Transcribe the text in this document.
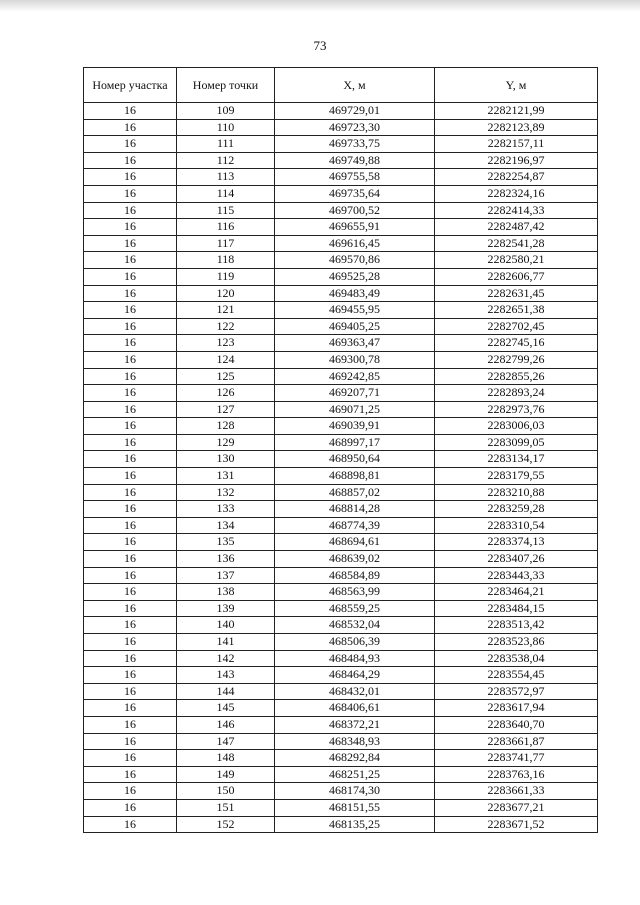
73
Номер участка	Номер точки	X, м	Y, м
16	109	469729,01	2282121,99
16	110	469723,30	2282123,89
16	111	469733,75	2282157,11
16	112	469749,88	2282196,97
16	113	469755,58	2282254,87
16	114	469735,64	2282324,16
16	115	469700,52	2282414,33
16	116	469655,91	2282487,42
16	117	469616,45	2282541,28
16	118	469570,86	2282580,21
16	119	469525,28	2282606,77
16	120	469483,49	2282631,45
16	121	469455,95	2282651,38
16	122	469405,25	2282702,45
16	123	469363,47	2282745,16
16	124	469300,78	2282799,26
16	125	469242,85	2282855,26
16	126	469207,71	2282893,24
16	127	469071,25	2282973,76
16	128	469039,91	2283006,03
16	129	468997,17	2283099,05
16	130	468950,64	2283134,17
16	131	468898,81	2283179,55
16	132	468857,02	2283210,88
16	133	468814,28	2283259,28
16	134	468774,39	2283310,54
16	135	468694,61	2283374,13
16	136	468639,02	2283407,26
16	137	468584,89	2283443,33
16	138	468563,99	2283464,21
16	139	468559,25	2283484,15
16	140	468532,04	2283513,42
16	141	468506,39	2283523,86
16	142	468484,93	2283538,04
16	143	468464,29	2283554,45
16	144	468432,01	2283572,97
16	145	468406,61	2283617,94
16	146	468372,21	2283640,70
16	147	468348,93	2283661,87
16	148	468292,84	2283741,77
16	149	468251,25	2283763,16
16	150	468174,30	2283661,33
16	151	468151,55	2283677,21
16	152	468135,25	2283671,52
